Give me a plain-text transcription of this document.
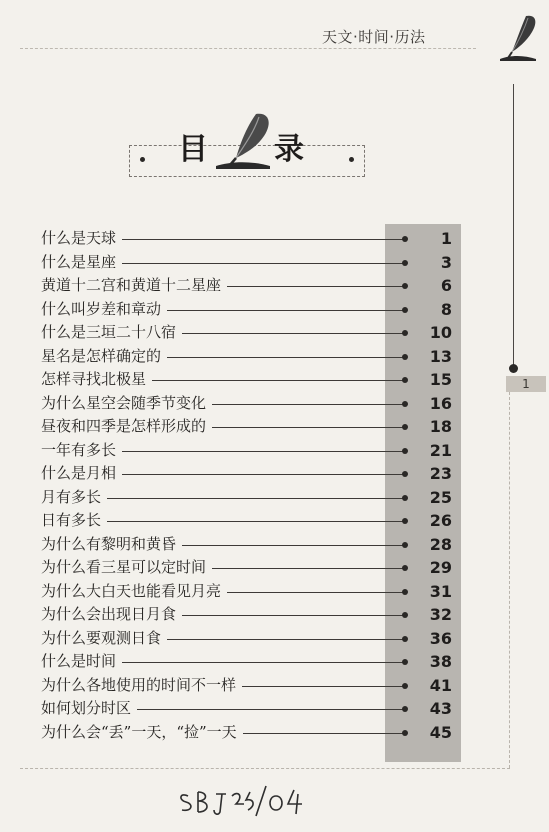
天文·时间·历法
1
目 录
什么是天球	1
什么是星座	3
黄道十二宫和黄道十二星座	6
什么叫岁差和章动	8
什么是三垣二十八宿	10
星名是怎样确定的	13
怎样寻找北极星	15
为什么星空会随季节变化	16
昼夜和四季是怎样形成的	18
一年有多长	21
什么是月相	23
月有多长	25
日有多长	26
为什么有黎明和黄昏	28
为什么看三星可以定时间	29
为什么大白天也能看见月亮	31
为什么会出现日月食	32
为什么要观测日食	36
什么是时间	38
为什么各地使用的时间不一样	41
如何划分时区	43
为什么会“丢”一天，“捡”一天	45
